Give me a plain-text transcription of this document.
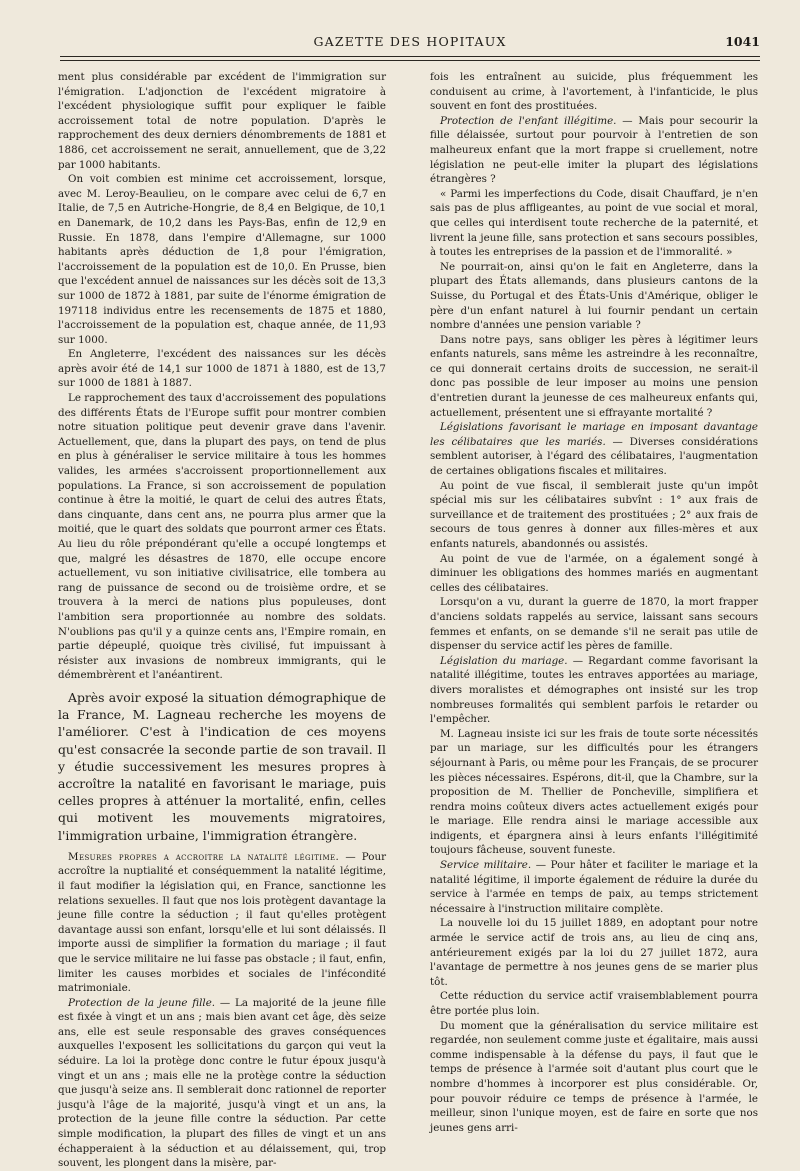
GAZETTE DES HOPITAUX	1041

ment plus considérable par excédent de l'immigration sur l'émigration. L'adjonction de l'excédent migratoire à l'excédent physiologique suffit pour expliquer le faible accroissement total de notre population. D'après le rapprochement des deux derniers dénombrements de 1881 et 1886, cet accroissement ne serait, annuellement, que de 3,22 par 1000 habitants.

On voit combien est minime cet accroissement, lorsque, avec M. Leroy-Beaulieu, on le compare avec celui de 6,7 en Italie, de 7,5 en Autriche-Hongrie, de 8,4 en Belgique, de 10,1 en Danemark, de 10,2 dans les Pays-Bas, enfin de 12,9 en Russie. En 1878, dans l'empire d'Allemagne, sur 1000 habitants après déduction de 1,8 pour l'émigration, l'accroissement de la population est de 10,0. En Prusse, bien que l'excédent annuel de naissances sur les décès soit de 13,3 sur 1000 de 1872 à 1881, par suite de l'énorme émigration de 197118 individus entre les recensements de 1875 et 1880, l'accroissement de la population est, chaque année, de 11,93 sur 1000.

En Angleterre, l'excédent des naissances sur les décès après avoir été de 14,1 sur 1000 de 1871 à 1880, est de 13,7 sur 1000 de 1881 à 1887.

Le rapprochement des taux d'accroissement des populations des différents États de l'Europe suffit pour montrer combien notre situation politique peut devenir grave dans l'avenir. Actuellement, que, dans la plupart des pays, on tend de plus en plus à généraliser le service militaire à tous les hommes valides, les armées s'accroissent proportionnellement aux populations. La France, si son accroissement de population continue à être la moitié, le quart de celui des autres États, dans cinquante, dans cent ans, ne pourra plus armer que la moitié, que le quart des soldats que pourront armer ces États. Au lieu du rôle prépondérant qu'elle a occupé longtemps et que, malgré les désastres de 1870, elle occupe encore actuellement, vu son initiative civilisatrice, elle tombera au rang de puissance de second ou de troisième ordre, et se trouvera à la merci de nations plus populeuses, dont l'ambition sera proportionnée au nombre des soldats. N'oublions pas qu'il y a quinze cents ans, l'Empire romain, en partie dépeuplé, quoique très civilisé, fut impuissant à résister aux invasions de nombreux immigrants, qui le démembrèrent et l'anéantirent.

Après avoir exposé la situation démographique de la France, M. Lagneau recherche les moyens de l'améliorer. C'est à l'indication de ces moyens qu'est consacrée la seconde partie de son travail. Il y étudie successivement les mesures propres à accroître la natalité en favorisant le mariage, puis celles propres à atténuer la mortalité, enfin, celles qui motivent les mouvements migratoires, l'immigration urbaine, l'immigration étrangère.

Mesures propres a accroitre la natalité légitime. — Pour accroître la nuptialité et conséquemment la natalité légitime, il faut modifier la législation qui, en France, sanctionne les relations sexuelles. Il faut que nos lois protègent davantage la jeune fille contre la séduction ; il faut qu'elles protègent davantage aussi son enfant, lorsqu'elle et lui sont délaissés. Il importe aussi de simplifier la formation du mariage ; il faut que le service militaire ne lui fasse pas obstacle ; il faut, enfin, limiter les causes morbides et sociales de l'infécondité matrimoniale.

Protection de la jeune fille. — La majorité de la jeune fille est fixée à vingt et un ans ; mais bien avant cet âge, dès seize ans, elle est seule responsable des graves conséquences auxquelles l'exposent les sollicitations du garçon qui veut la séduire. La loi la protège donc contre le futur époux jusqu'à vingt et un ans ; mais elle ne la protège contre la séduction que jusqu'à seize ans. Il semblerait donc rationnel de reporter jusqu'à l'âge de la majorité, jusqu'à vingt et un ans, la protection de la jeune fille contre la séduction. Par cette simple modification, la plupart des filles de vingt et un ans échapperaient à la séduction et au délaissement, qui, trop souvent, les plongent dans la misère, par-

fois les entraînent au suicide, plus fréquemment les conduisent au crime, à l'avortement, à l'infanticide, le plus souvent en font des prostituées.

Protection de l'enfant illégitime. — Mais pour secourir la fille délaissée, surtout pour pourvoir à l'entretien de son malheureux enfant que la mort frappe si cruellement, notre législation ne peut-elle imiter la plupart des législations étrangères ?

« Parmi les imperfections du Code, disait Chauffard, je n'en sais pas de plus affligeantes, au point de vue social et moral, que celles qui interdisent toute recherche de la paternité, et livrent la jeune fille, sans protection et sans secours possibles, à toutes les entreprises de la passion et de l'immoralité. »

Ne pourrait-on, ainsi qu'on le fait en Angleterre, dans la plupart des États allemands, dans plusieurs cantons de la Suisse, du Portugal et des États-Unis d'Amérique, obliger le père d'un enfant naturel à lui fournir pendant un certain nombre d'années une pension variable ?

Dans notre pays, sans obliger les pères à légitimer leurs enfants naturels, sans même les astreindre à les reconnaître, ce qui donnerait certains droits de succession, ne serait-il donc pas possible de leur imposer au moins une pension d'entretien durant la jeunesse de ces malheureux enfants qui, actuellement, présentent une si effrayante mortalité ?

Législations favorisant le mariage en imposant davantage les célibataires que les mariés. — Diverses considérations semblent autoriser, à l'égard des célibataires, l'augmentation de certaines obligations fiscales et militaires.

Au point de vue fiscal, il semblerait juste qu'un impôt spécial mis sur les célibataires subvînt : 1° aux frais de surveillance et de traitement des prostituées ; 2° aux frais de secours de tous genres à donner aux filles-mères et aux enfants naturels, abandonnés ou assistés.

Au point de vue de l'armée, on a également songé à diminuer les obligations des hommes mariés en augmentant celles des célibataires.

Lorsqu'on a vu, durant la guerre de 1870, la mort frapper d'anciens soldats rappelés au service, laissant sans secours femmes et enfants, on se demande s'il ne serait pas utile de dispenser du service actif les pères de famille.

Législation du mariage. — Regardant comme favorisant la natalité illégitime, toutes les entraves apportées au mariage, divers moralistes et démographes ont insisté sur les trop nombreuses formalités qui semblent parfois le retarder ou l'empêcher.

M. Lagneau insiste ici sur les frais de toute sorte nécessités par un mariage, sur les difficultés pour les étrangers séjournant à Paris, ou même pour les Français, de se procurer les pièces nécessaires. Espérons, dit-il, que la Chambre, sur la proposition de M. Thellier de Poncheville, simplifiera et rendra moins coûteux divers actes actuellement exigés pour le mariage. Elle rendra ainsi le mariage accessible aux indigents, et épargnera ainsi à leurs enfants l'illégitimité toujours fâcheuse, souvent funeste.

Service militaire. — Pour hâter et faciliter le mariage et la natalité légitime, il importe également de réduire la durée du service à l'armée en temps de paix, au temps strictement nécessaire à l'instruction militaire complète.

La nouvelle loi du 15 juillet 1889, en adoptant pour notre armée le service actif de trois ans, au lieu de cinq ans, antérieurement exigés par la loi du 27 juillet 1872, aura l'avantage de permettre à nos jeunes gens de se marier plus tôt.

Cette réduction du service actif vraisemblablement pourra être portée plus loin.

Du moment que la généralisation du service militaire est regardée, non seulement comme juste et égalitaire, mais aussi comme indispensable à la défense du pays, il faut que le temps de présence à l'armée soit d'autant plus court que le nombre d'hommes à incorporer est plus considérable. Or, pour pouvoir réduire ce temps de présence à l'armée, le meilleur, sinon l'unique moyen, est de faire en sorte que nos jeunes gens arri-
